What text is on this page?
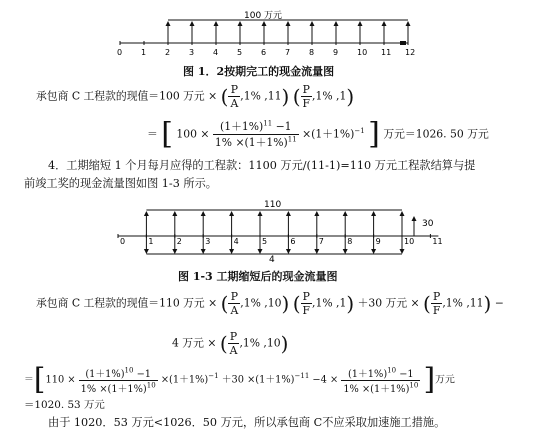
100 万元
0 1 2 3 4 5 6 7 8 9 10 11 12
图 1．2按期完工的现金流量图
承包商 C 工程款的现值＝100 万元 × ( $\frac{P}{A} ,1\%$ ,11) ( $\frac{P}{F} ,1\%$ ,1)
＝ [ $100 \times \frac{(1+1\%)^{11} -1}{1\% \times(1+1\%)^{11}} \times(1+1\%)^{-1}$ ] 万元＝1026. 50 万元
4．工期缩短 1 个月每月应得的工程款：1100 万元/(11-1)=110 万元工程款结算与提
前竣工奖的现金流量图如图 1-3 所示。
110
30
4
0	1	2	3	4	5	6	7	8	9	10 11
图 1-3 工期缩短后的现金流量图
承包商 C 工程款的现值＝110 万元 × ( $\frac{P}{A} ,1\%$ ,10) ( $\frac{P}{F} ,1\%$ ,1) ＋30 万元 × ( $\frac{P}{F} ,1\%$ ,11) −
4 万元 × ( $\frac{P}{A} ,1\%$ ,10)
$=[110 \times \frac{(1+1\%)^{10} -1}{1\% \times(1+1\%)^{10}} \times(1+1\%)^{-1} +30 \times(1+1\%)^{-11} -4 \times \frac{(1+1\%)^{10} -1}{1\% \times(1+1\%)^{10}}$ ]万元
＝1020. 53 万元
由于 1020．53 万元<1026．50 万元，所以承包商 C不应采取加速施工措施。
